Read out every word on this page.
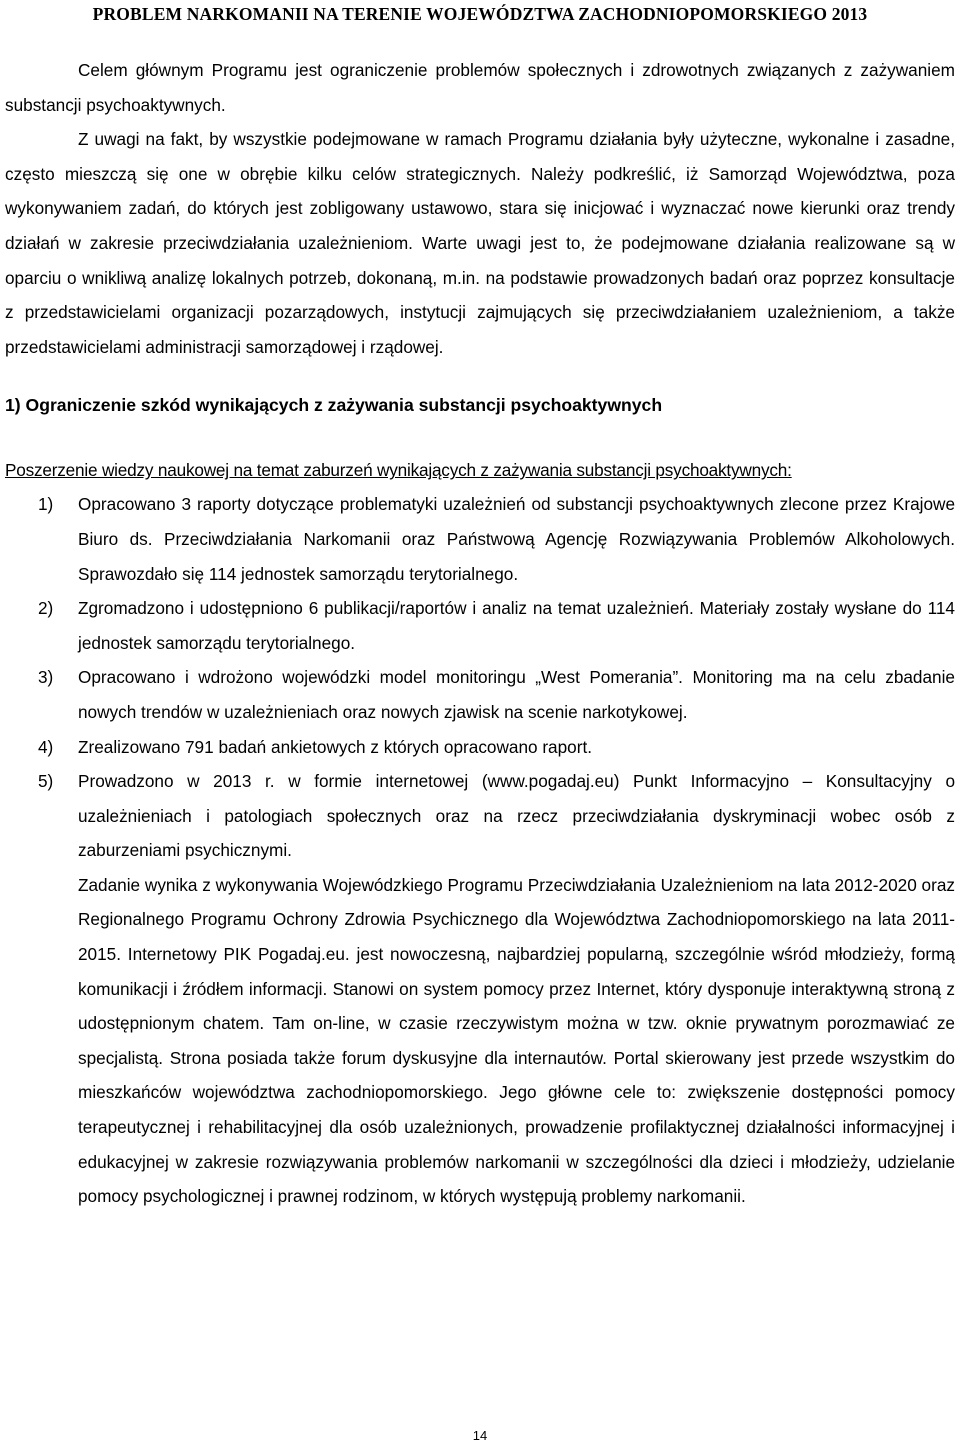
PROBLEM NARKOMANII NA TERENIE WOJEWÓDZTWA ZACHODNIOPOMORSKIEGO 2013

Celem głównym Programu jest ograniczenie problemów społecznych i zdrowotnych związanych z zażywaniem substancji psychoaktywnych.

Z uwagi na fakt, by wszystkie podejmowane w ramach Programu działania były użyteczne, wykonalne i zasadne, często mieszczą się one w obrębie kilku celów strategicznych. Należy podkreślić, iż Samorząd Województwa, poza wykonywaniem zadań, do których jest zobligowany ustawowo, stara się inicjować i wyznaczać nowe kierunki oraz trendy działań w zakresie przeciwdziałania uzależnieniom. Warte uwagi jest to, że podejmowane działania realizowane są w oparciu o wnikliwą analizę lokalnych potrzeb, dokonaną, m.in. na podstawie prowadzonych badań oraz poprzez konsultacje z przedstawicielami organizacji pozarządowych, instytucji zajmujących się przeciwdziałaniem uzależnieniom, a także przedstawicielami administracji samorządowej i rządowej.

1) Ograniczenie szkód wynikających z zażywania substancji psychoaktywnych
Poszerzenie wiedzy naukowej na temat zaburzeń wynikających z zażywania substancji psychoaktywnych:
1) Opracowano 3 raporty dotyczące problematyki uzależnień od substancji psychoaktywnych zlecone przez Krajowe Biuro ds. Przeciwdziałania Narkomanii oraz Państwową Agencję Rozwiązywania Problemów Alkoholowych. Sprawozdało się 114 jednostek samorządu terytorialnego.

2) Zgromadzono i udostępniono 6 publikacji/raportów i analiz na temat uzależnień. Materiały zostały wysłane do 114 jednostek samorządu terytorialnego.

3) Opracowano i wdrożono wojewódzki model monitoringu „West Pomerania”. Monitoring ma na celu zbadanie nowych trendów w uzależnieniach oraz nowych zjawisk na scenie narkotykowej.

4) Zrealizowano 791 badań ankietowych z których opracowano raport.

5) Prowadzono w 2013 r. w formie internetowej (www.pogadaj.eu) Punkt Informacyjno – Konsultacyjny o uzależnieniach i patologiach społecznych oraz na rzecz przeciwdziałania dyskryminacji wobec osób z zaburzeniami psychicznymi.

Zadanie wynika z wykonywania Wojewódzkiego Programu Przeciwdziałania Uzależnieniom na lata 2012-2020 oraz Regionalnego Programu Ochrony Zdrowia Psychicznego dla Województwa Zachodniopomorskiego na lata 2011-2015. Internetowy PIK Pogadaj.eu. jest nowoczesną, najbardziej popularną, szczególnie wśród młodzieży, formą komunikacji i źródłem informacji. Stanowi on system pomocy przez Internet, który dysponuje interaktywną stroną z udostępnionym chatem. Tam on-line, w czasie rzeczywistym można w tzw. oknie prywatnym porozmawiać ze specjalistą. Strona posiada także forum dyskusyjne dla internautów. Portal skierowany jest przede wszystkim do mieszkańców województwa zachodniopomorskiego. Jego główne cele to: zwiększenie dostępności pomocy terapeutycznej i rehabilitacyjnej dla osób uzależnionych, prowadzenie profilaktycznej działalności informacyjnej i edukacyjnej w zakresie rozwiązywania problemów narkomanii w szczególności dla dzieci i młodzieży, udzielanie pomocy psychologicznej i prawnej rodzinom, w których występują problemy narkomanii.

14
